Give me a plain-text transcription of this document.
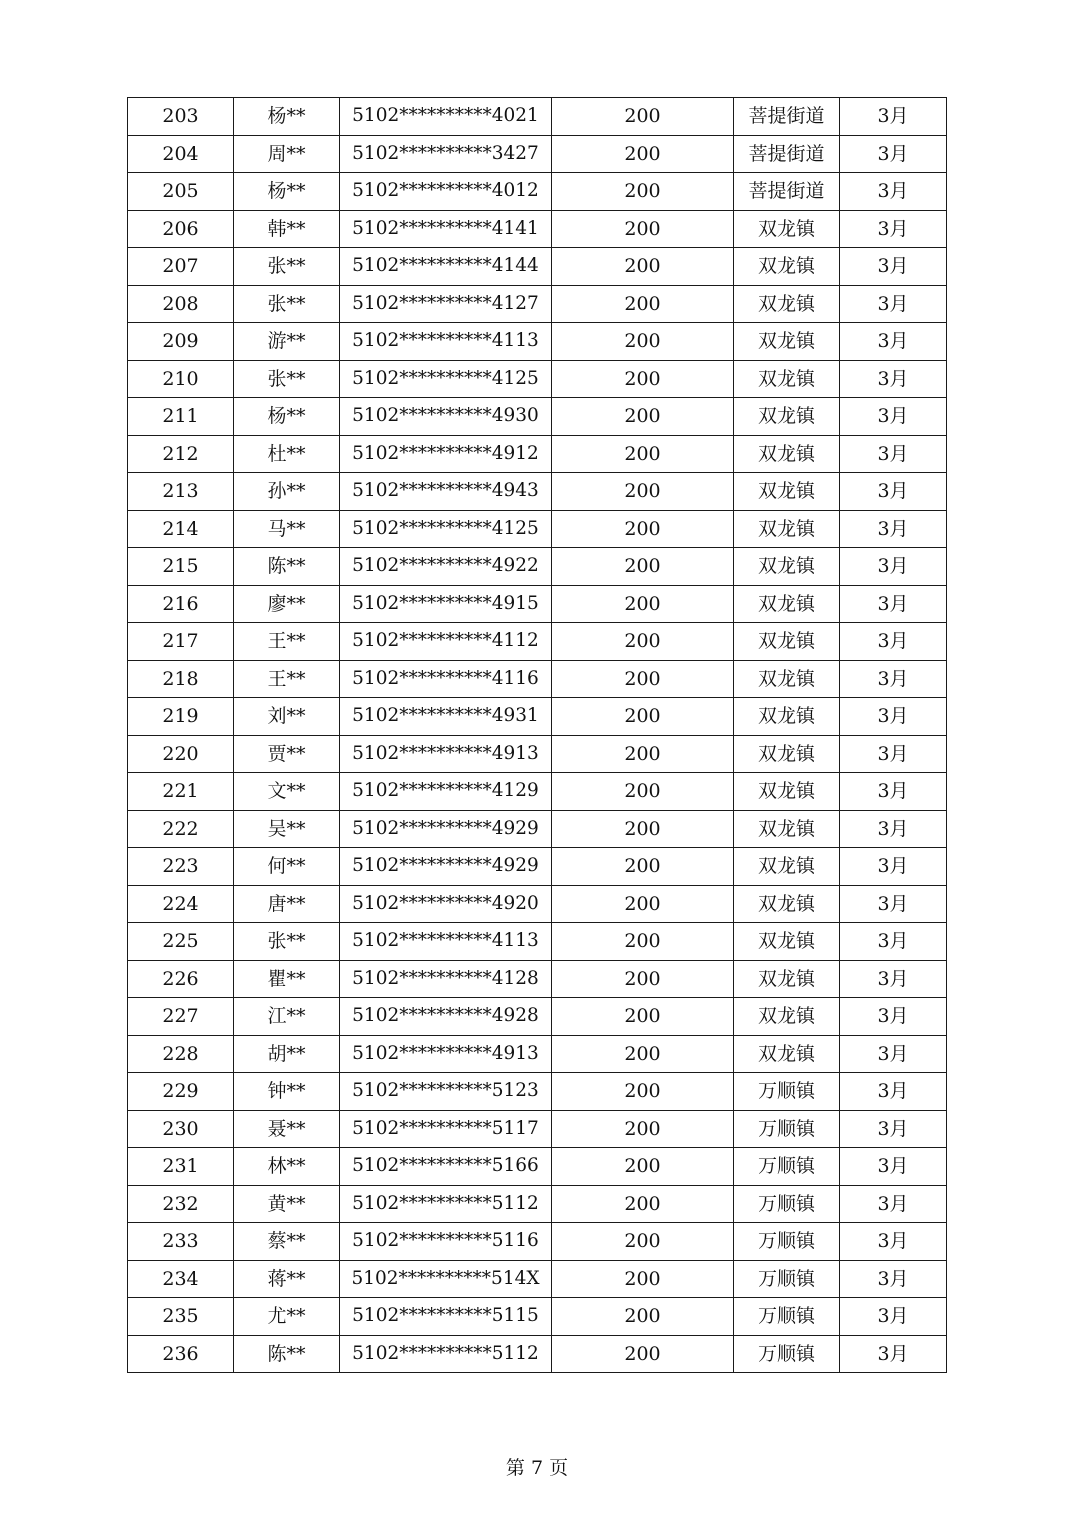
203	杨**	5102**********4021	200	菩提街道	3月
204	周**	5102**********3427	200	菩提街道	3月
205	杨**	5102**********4012	200	菩提街道	3月
206	韩**	5102**********4141	200	双龙镇	3月
207	张**	5102**********4144	200	双龙镇	3月
208	张**	5102**********4127	200	双龙镇	3月
209	游**	5102**********4113	200	双龙镇	3月
210	张**	5102**********4125	200	双龙镇	3月
211	杨**	5102**********4930	200	双龙镇	3月
212	杜**	5102**********4912	200	双龙镇	3月
213	孙**	5102**********4943	200	双龙镇	3月
214	马**	5102**********4125	200	双龙镇	3月
215	陈**	5102**********4922	200	双龙镇	3月
216	廖**	5102**********4915	200	双龙镇	3月
217	王**	5102**********4112	200	双龙镇	3月
218	王**	5102**********4116	200	双龙镇	3月
219	刘**	5102**********4931	200	双龙镇	3月
220	贾**	5102**********4913	200	双龙镇	3月
221	文**	5102**********4129	200	双龙镇	3月
222	吴**	5102**********4929	200	双龙镇	3月
223	何**	5102**********4929	200	双龙镇	3月
224	唐**	5102**********4920	200	双龙镇	3月
225	张**	5102**********4113	200	双龙镇	3月
226	瞿**	5102**********4128	200	双龙镇	3月
227	江**	5102**********4928	200	双龙镇	3月
228	胡**	5102**********4913	200	双龙镇	3月
229	钟**	5102**********5123	200	万顺镇	3月
230	聂**	5102**********5117	200	万顺镇	3月
231	林**	5102**********5166	200	万顺镇	3月
232	黄**	5102**********5112	200	万顺镇	3月
233	蔡**	5102**********5116	200	万顺镇	3月
234	蒋**	5102**********514X	200	万顺镇	3月
235	尤**	5102**********5115	200	万顺镇	3月
236	陈**	5102**********5112	200	万顺镇	3月
第 7 页
